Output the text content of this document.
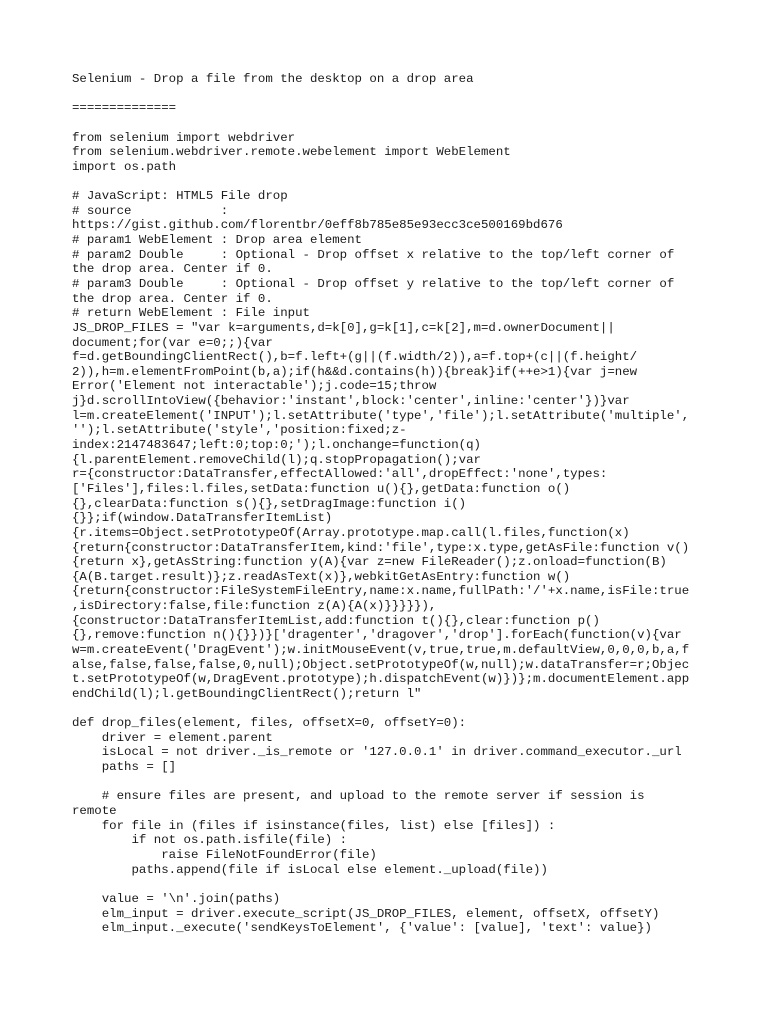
Selenium - Drop a file from the desktop on a drop area
==============
from selenium import webdriver
from selenium.webdriver.remote.webelement import WebElement
import os.path
# JavaScript: HTML5 File drop
# source            :
https://gist.github.com/florentbr/0eff8b785e85e93ecc3ce500169bd676
# param1 WebElement : Drop area element
# param2 Double     : Optional - Drop offset x relative to the top/left corner of
the drop area. Center if 0.
# param3 Double     : Optional - Drop offset y relative to the top/left corner of
the drop area. Center if 0.
# return WebElement : File input
JS_DROP_FILES = "var k=arguments,d=k[0],g=k[1],c=k[2],m=d.ownerDocument||
document;for(var e=0;;){var
f=d.getBoundingClientRect(),b=f.left+(g||(f.width/2)),a=f.top+(c||(f.height/
2)),h=m.elementFromPoint(b,a);if(h&&d.contains(h)){break}if(++e>1){var j=new
Error('Element not interactable');j.code=15;throw
j}d.scrollIntoView({behavior:'instant',block:'center',inline:'center'})}var
l=m.createElement('INPUT');l.setAttribute('type','file');l.setAttribute('multiple',
'');l.setAttribute('style','position:fixed;z-
index:2147483647;left:0;top:0;');l.onchange=function(q)
{l.parentElement.removeChild(l);q.stopPropagation();var
r={constructor:DataTransfer,effectAllowed:'all',dropEffect:'none',types:
['Files'],files:l.files,setData:function u(){},getData:function o()
{},clearData:function s(){},setDragImage:function i()
{}};if(window.DataTransferItemList)
{r.items=Object.setPrototypeOf(Array.prototype.map.call(l.files,function(x)
{return{constructor:DataTransferItem,kind:'file',type:x.type,getAsFile:function v()
{return x},getAsString:function y(A){var z=new FileReader();z.onload=function(B)
{A(B.target.result)};z.readAsText(x)},webkitGetAsEntry:function w()
{return{constructor:FileSystemFileEntry,name:x.name,fullPath:'/'+x.name,isFile:true
,isDirectory:false,file:function z(A){A(x)}}}}}),
{constructor:DataTransferItemList,add:function t(){},clear:function p()
{},remove:function n(){}})}['dragenter','dragover','drop'].forEach(function(v){var
w=m.createEvent('DragEvent');w.initMouseEvent(v,true,true,m.defaultView,0,0,0,b,a,f
alse,false,false,false,0,null);Object.setPrototypeOf(w,null);w.dataTransfer=r;Objec
t.setPrototypeOf(w,DragEvent.prototype);h.dispatchEvent(w)})};m.documentElement.app
endChild(l);l.getBoundingClientRect();return l"
def drop_files(element, files, offsetX=0, offsetY=0):
driver = element.parent
isLocal = not driver._is_remote or '127.0.0.1' in driver.command_executor._url
paths = []
# ensure files are present, and upload to the remote server if session is
remote
for file in (files if isinstance(files, list) else [files]) :
if not os.path.isfile(file) :
raise FileNotFoundError(file)
paths.append(file if isLocal else element._upload(file))
value = '\n'.join(paths)
elm_input = driver.execute_script(JS_DROP_FILES, element, offsetX, offsetY)
elm_input._execute('sendKeysToElement', {'value': [value], 'text': value})
